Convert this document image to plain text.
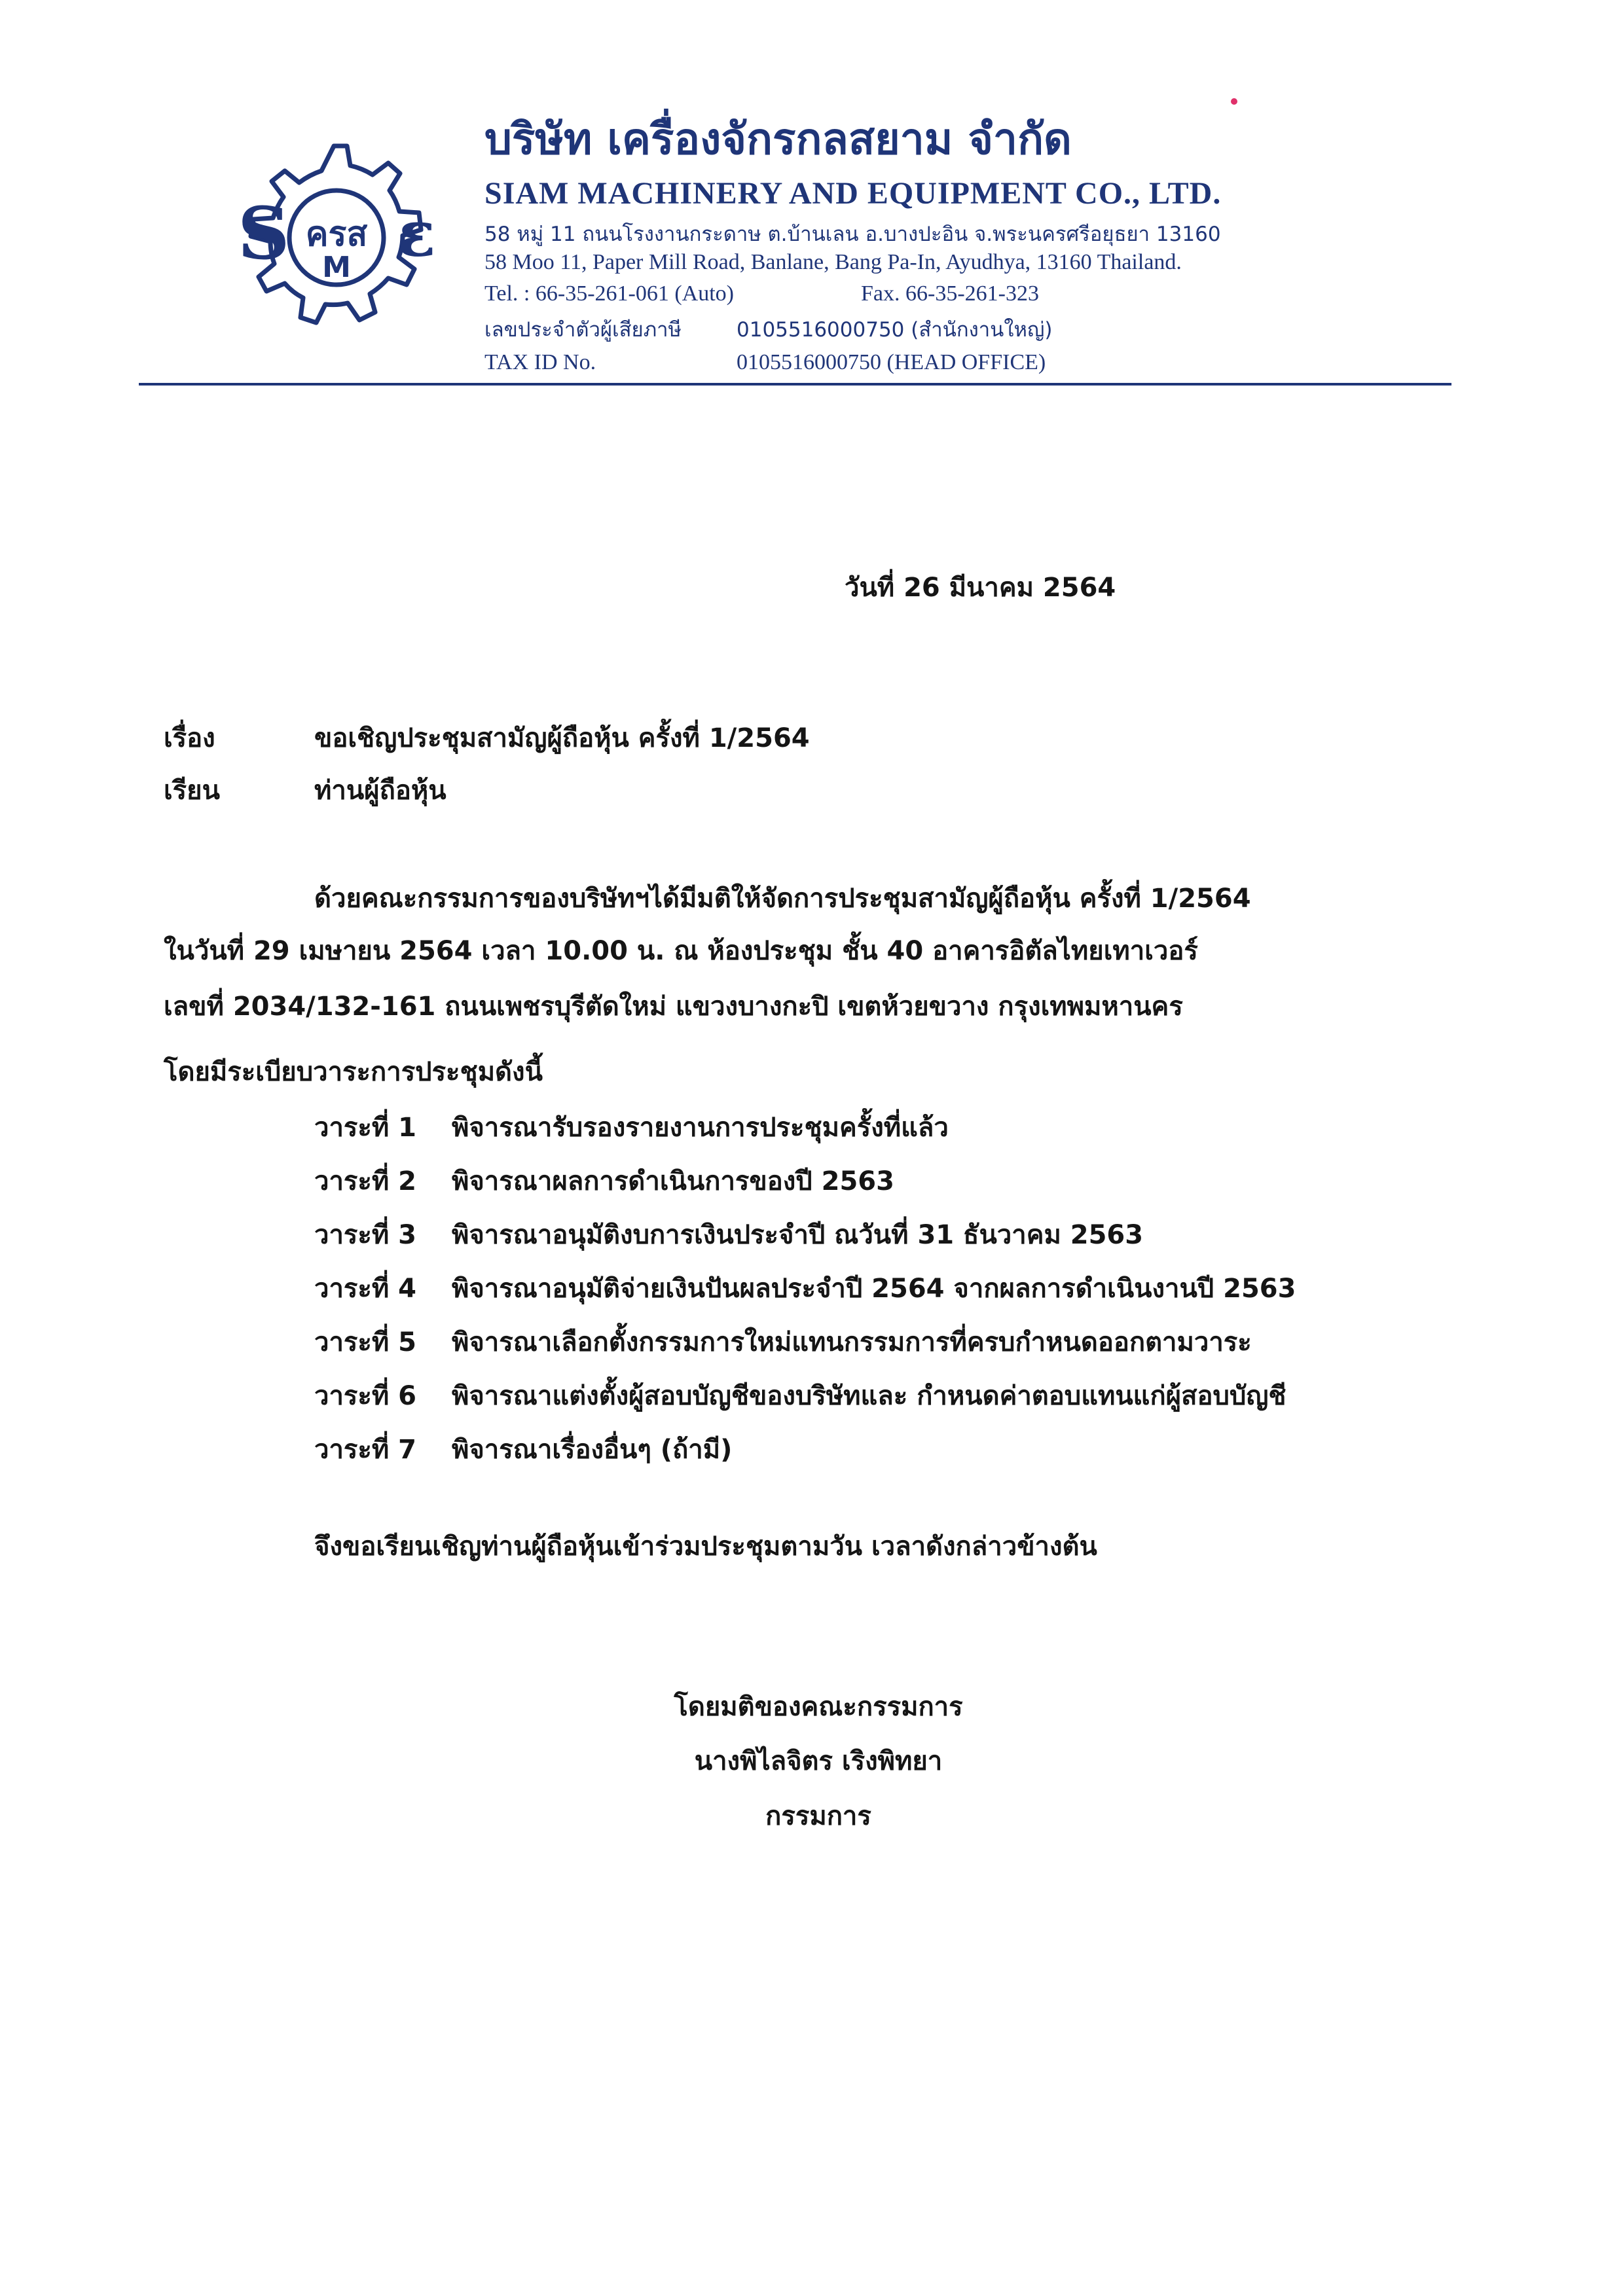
S ε
ครส
M
บริษัท เครื่องจักรกลสยาม จำกัด
SIAM MACHINERY AND EQUIPMENT CO., LTD.
58 หมู่ 11 ถนนโรงงานกระดาษ ต.บ้านเลน อ.บางปะอิน จ.พระนครศรีอยุธยา 13160
58 Moo 11, Paper Mill Road, Banlane, Bang Pa-In, Ayudhya, 13160 Thailand.
Tel. : 66-35-261-061 (Auto)	Fax. 66-35-261-323
เลขประจำตัวผู้เสียภาษี	0105516000750 (สำนักงานใหญ่)
TAX ID No.	0105516000750 (HEAD OFFICE)
วันที่ 26 มีนาคม 2564
เรื่อง	ขอเชิญประชุมสามัญผู้ถือหุ้น ครั้งที่ 1/2564
เรียน	ท่านผู้ถือหุ้น
ด้วยคณะกรรมการของบริษัทฯได้มีมติให้จัดการประชุมสามัญผู้ถือหุ้น ครั้งที่ 1/2564
ในวันที่ 29 เมษายน 2564 เวลา 10.00 น. ณ ห้องประชุม ชั้น 40 อาคารอิตัลไทยเทาเวอร์
เลขที่ 2034/132-161 ถนนเพชรบุรีตัดใหม่ แขวงบางกะปิ เขตห้วยขวาง กรุงเทพมหานคร
โดยมีระเบียบวาระการประชุมดังนี้
วาระที่ 1 พิจารณารับรองรายงานการประชุมครั้งที่แล้ว
วาระที่ 2 พิจารณาผลการดำเนินการของปี 2563
วาระที่ 3 พิจารณาอนุมัติงบการเงินประจำปี ณวันที่ 31 ธันวาคม 2563
วาระที่ 4 พิจารณาอนุมัติจ่ายเงินปันผลประจำปี 2564 จากผลการดำเนินงานปี 2563
วาระที่ 5 พิจารณาเลือกตั้งกรรมการใหม่แทนกรรมการที่ครบกำหนดออกตามวาระ
วาระที่ 6 พิจารณาแต่งตั้งผู้สอบบัญชีของบริษัทและ กำหนดค่าตอบแทนแก่ผู้สอบบัญชี
วาระที่ 7 พิจารณาเรื่องอื่นๆ (ถ้ามี)
จึงขอเรียนเชิญท่านผู้ถือหุ้นเข้าร่วมประชุมตามวัน เวลาดังกล่าวข้างต้น
โดยมติของคณะกรรมการ
นางพิไลจิตร เริงพิทยา
กรรมการ
